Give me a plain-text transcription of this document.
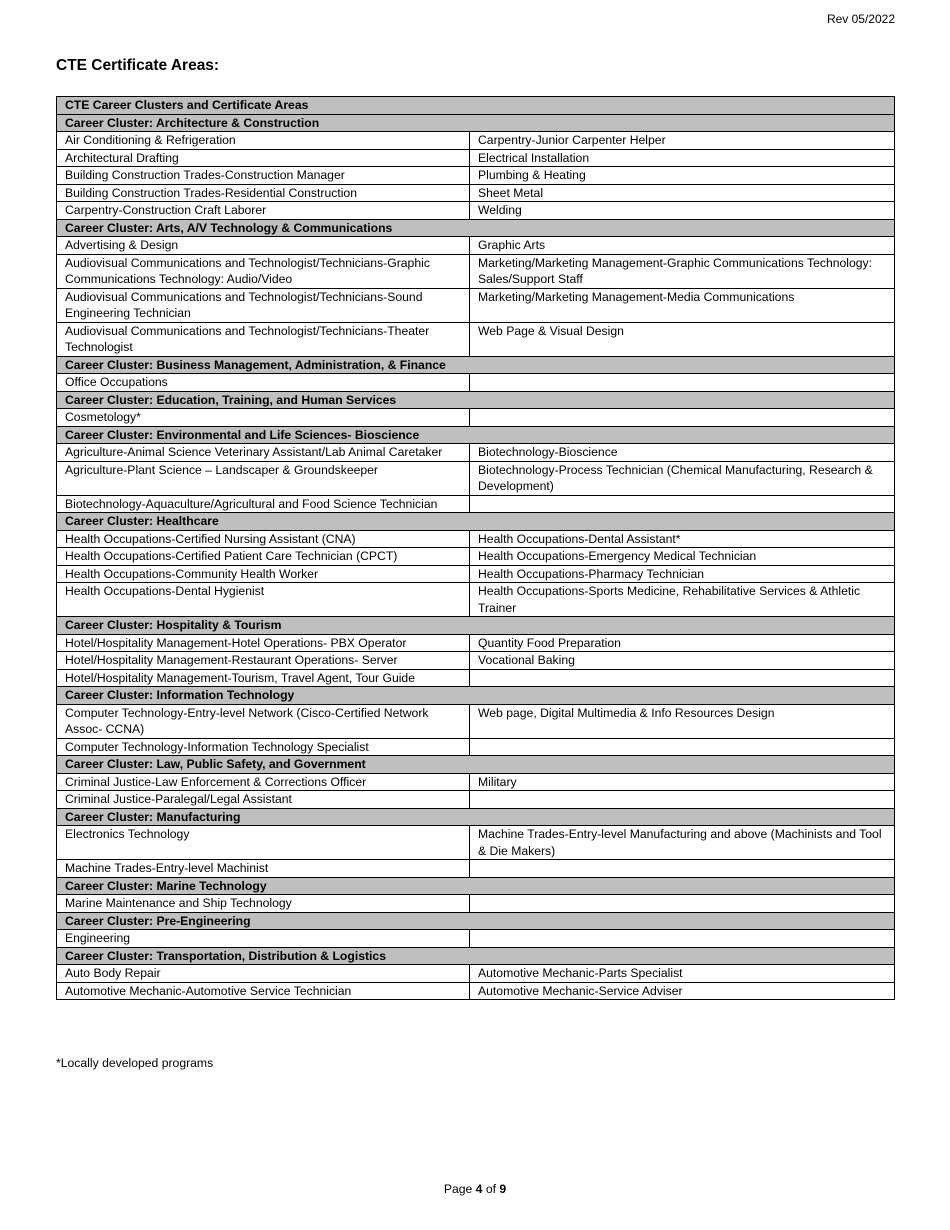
Rev 05/2022
CTE Certificate Areas:
CTE Career Clusters and Certificate Areas	
Career Cluster: Architecture & Construction	
Air Conditioning & Refrigeration	Carpentry-Junior Carpenter Helper
Architectural Drafting	Electrical Installation
Building Construction Trades-Construction Manager	Plumbing & Heating
Building Construction Trades-Residential Construction	Sheet Metal
Carpentry-Construction Craft Laborer	Welding
Career Cluster: Arts, A/V Technology & Communications	
Advertising & Design	Graphic Arts
Audiovisual Communications and Technologist/Technicians-Graphic Communications Technology: Audio/Video	Marketing/Marketing Management-Graphic Communications Technology: Sales/Support Staff
Audiovisual Communications and Technologist/Technicians-Sound Engineering Technician	Marketing/Marketing Management-Media Communications
Audiovisual Communications and Technologist/Technicians-Theater Technologist	Web Page & Visual Design
Career Cluster: Business Management, Administration, & Finance	
Office Occupations	
Career Cluster: Education, Training, and Human Services	
Cosmetology*	
Career Cluster: Environmental and Life Sciences- Bioscience	
Agriculture-Animal Science Veterinary Assistant/Lab Animal Caretaker	Biotechnology-Bioscience
Agriculture-Plant Science – Landscaper & Groundskeeper	Biotechnology-Process Technician (Chemical Manufacturing, Research & Development)
Biotechnology-Aquaculture/Agricultural and Food Science Technician	
Career Cluster: Healthcare	
Health Occupations-Certified Nursing Assistant (CNA)	Health Occupations-Dental Assistant*
Health Occupations-Certified Patient Care Technician (CPCT)	Health Occupations-Emergency Medical Technician
Health Occupations-Community Health Worker	Health Occupations-Pharmacy Technician
Health Occupations-Dental Hygienist	Health Occupations-Sports Medicine, Rehabilitative Services & Athletic Trainer
Career Cluster: Hospitality & Tourism	
Hotel/Hospitality Management-Hotel Operations- PBX Operator	Quantity Food Preparation
Hotel/Hospitality Management-Restaurant Operations- Server	Vocational Baking
Hotel/Hospitality Management-Tourism, Travel Agent, Tour Guide	
Career Cluster: Information Technology	
Computer Technology-Entry-level Network (Cisco-Certified Network Assoc- CCNA)	Web page, Digital Multimedia & Info Resources Design
Computer Technology-Information Technology Specialist	
Career Cluster: Law, Public Safety, and Government	
Criminal Justice-Law Enforcement & Corrections Officer	Military
Criminal Justice-Paralegal/Legal Assistant	
Career Cluster: Manufacturing	
Electronics Technology	Machine Trades-Entry-level Manufacturing and above (Machinists and Tool & Die Makers)
Machine Trades-Entry-level Machinist	
Career Cluster: Marine Technology	
Marine Maintenance and Ship Technology	
Career Cluster: Pre-Engineering	
Engineering	
Career Cluster: Transportation, Distribution & Logistics	
Auto Body Repair	Automotive Mechanic-Parts Specialist
Automotive Mechanic-Automotive Service Technician	Automotive Mechanic-Service Adviser
*Locally developed programs
Page 4 of 9
